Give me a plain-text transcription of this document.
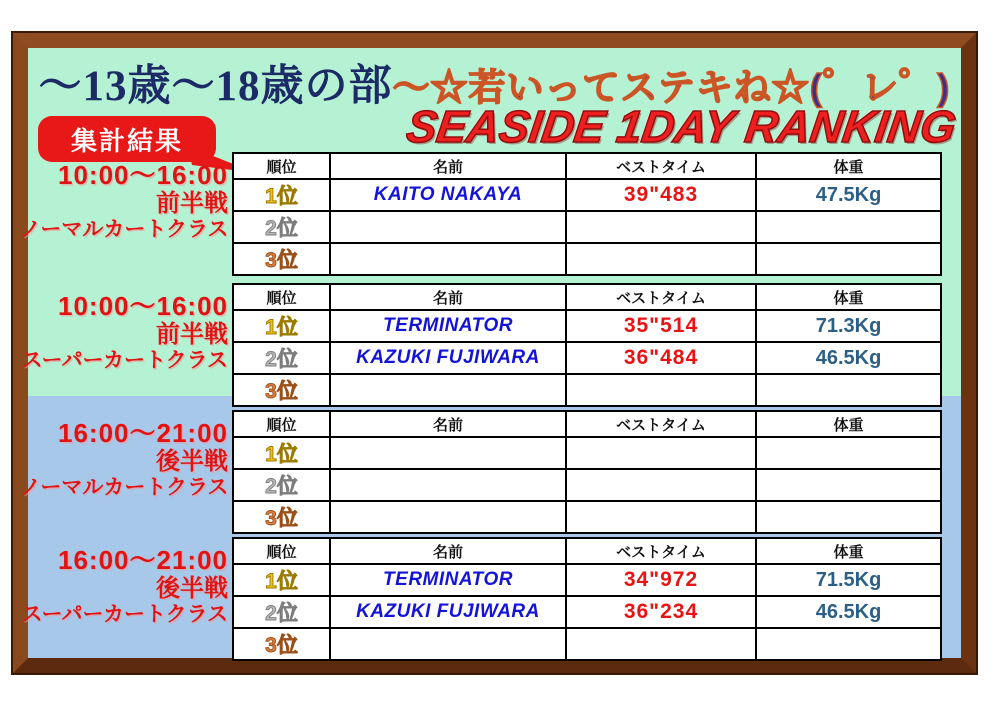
～13歳～18歳の部～☆若いってステキね☆(゜レ゜)
SEASIDE 1DAY RANKING
集計結果
10:00～16:00
前半戦
ノーマルカートクラス
順位	名前	ベストタイム	体重
1位	KAITO NAKAYA	39"483	47.5Kg
2位			
3位			
10:00～16:00
前半戦
スーパーカートクラス
順位	名前	ベストタイム	体重
1位	TERMINATOR	35"514	71.3Kg
2位	KAZUKI FUJIWARA	36"484	46.5Kg
3位			
16:00～21:00
後半戦
ノーマルカートクラス
順位	名前	ベストタイム	体重
1位			
2位			
3位			
16:00～21:00
後半戦
スーパーカートクラス
順位	名前	ベストタイム	体重
1位	TERMINATOR	34"972	71.5Kg
2位	KAZUKI FUJIWARA	36"234	46.5Kg
3位			
